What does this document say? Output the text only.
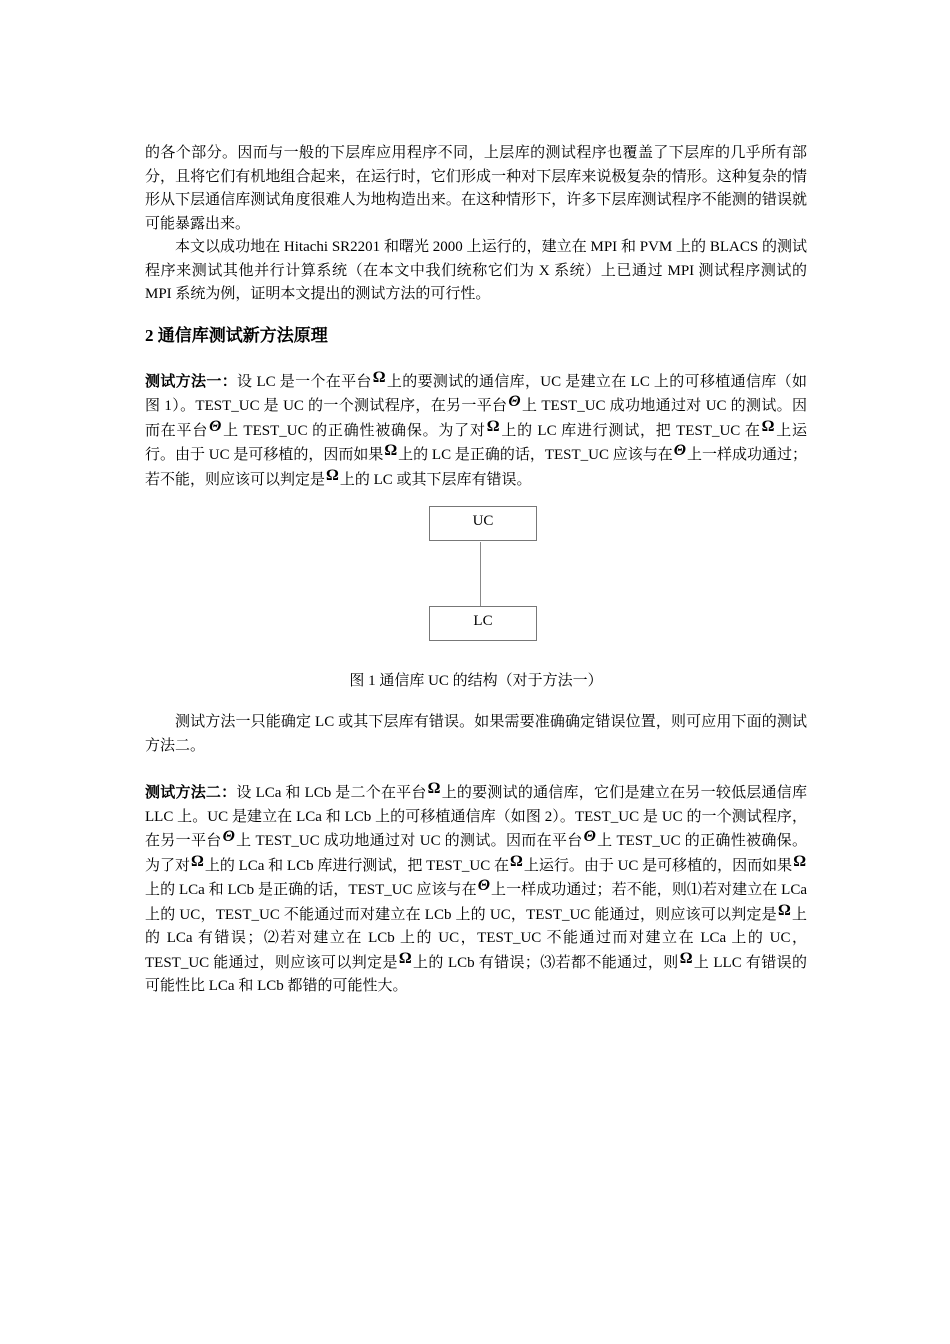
的各个部分。因而与一般的下层库应用程序不同，上层库的测试程序也覆盖了下层库的几乎所有部分，且将它们有机地组合起来，在运行时，它们形成一种对下层库来说极复杂的情形。这种复杂的情形从下层通信库测试角度很难人为地构造出来。在这种情形下，许多下层库测试程序不能测的错误就可能暴露出来。

本文以成功地在 Hitachi SR2201 和曙光 2000 上运行的，建立在 MPI 和 PVM 上的 BLACS 的测试程序来测试其他并行计算系统（在本文中我们统称它们为 X 系统）上已通过 MPI 测试程序测试的 MPI 系统为例，证明本文提出的测试方法的可行性。

2 通信库测试新方法原理

测试方法一：设 LC 是一个在平台Ω上的要测试的通信库，UC 是建立在 LC 上的可移植通信库（如图 1）。TEST_UC 是 UC 的一个测试程序，在另一平台Θ上 TEST_UC 成功地通过对 UC 的测试。因而在平台Θ上 TEST_UC 的正确性被确保。为了对Ω上的 LC 库进行测试，把 TEST_UC 在Ω上运行。由于 UC 是可移植的，因而如果Ω上的 LC 是正确的话，TEST_UC 应该与在Θ上一样成功通过；若不能，则应该可以判定是Ω上的 LC 或其下层库有错误。

UC
LC
图 1 通信库 UC 的结构（对于方法一）

测试方法一只能确定 LC 或其下层库有错误。如果需要准确确定错误位置，则可应用下面的测试方法二。

测试方法二：设 LCa 和 LCb 是二个在平台Ω上的要测试的通信库，它们是建立在另一较低层通信库 LLC 上。UC 是建立在 LCa 和 LCb 上的可移植通信库（如图 2）。TEST_UC 是 UC 的一个测试程序，在另一平台Θ上 TEST_UC 成功地通过对 UC 的测试。因而在平台Θ上 TEST_UC 的正确性被确保。为了对Ω上的 LCa 和 LCb 库进行测试，把 TEST_UC 在Ω上运行。由于 UC 是可移植的，因而如果Ω上的 LCa 和 LCb 是正确的话，TEST_UC 应该与在Θ上一样成功通过；若不能，则⑴若对建立在 LCa 上的 UC，TEST_UC 不能通过而对建立在 LCb 上的 UC，TEST_UC 能通过，则应该可以判定是Ω上的 LCa 有错误；⑵若对建立在 LCb 上的 UC，TEST_UC 不能通过而对建立在 LCa 上的 UC，TEST_UC 能通过，则应该可以判定是Ω上的 LCb 有错误；⑶若都不能通过，则Ω上 LLC 有错误的可能性比 LCa 和 LCb 都错的可能性大。
